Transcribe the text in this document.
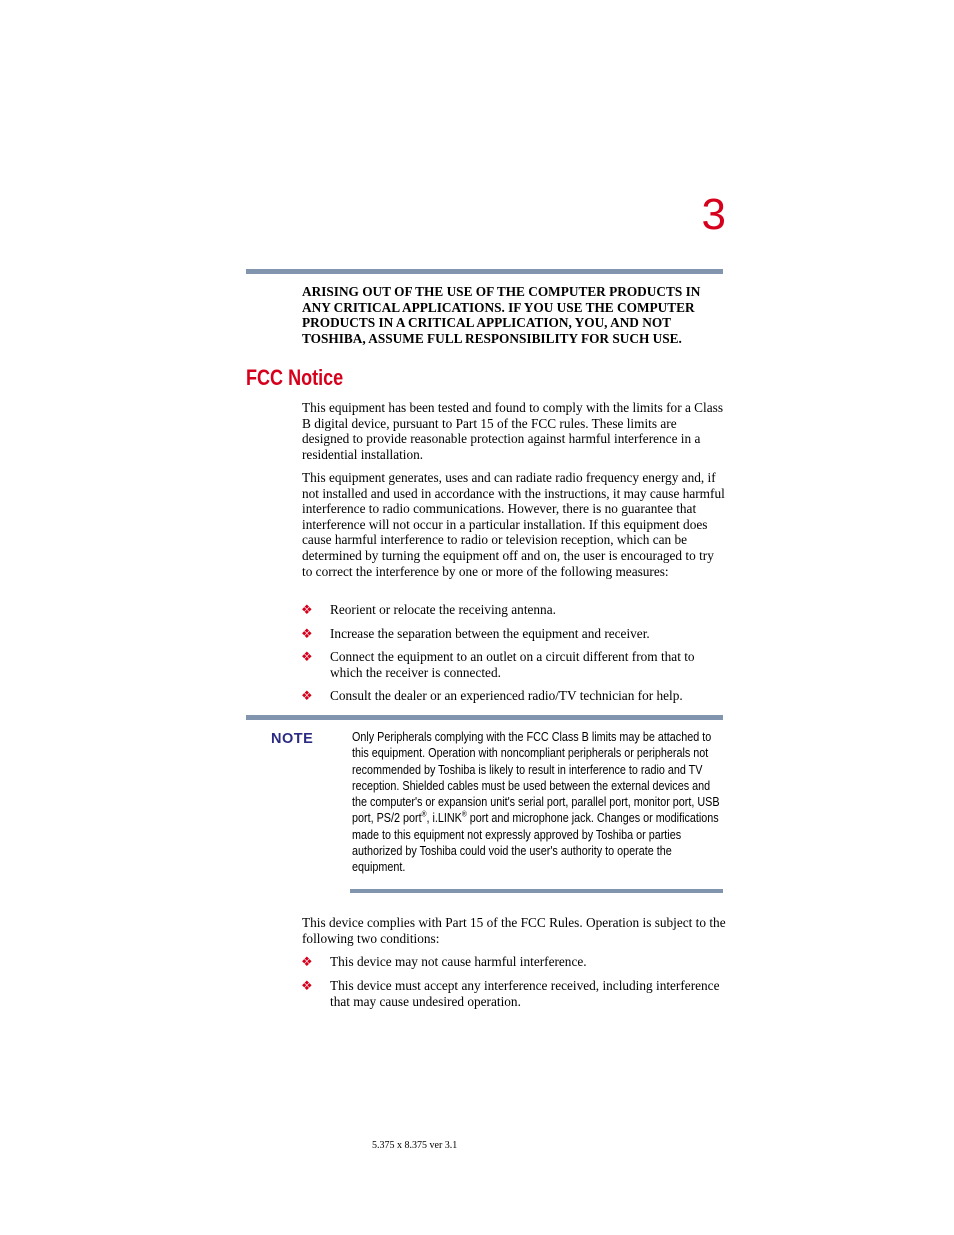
3
ARISING OUT OF THE USE OF THE COMPUTER PRODUCTS IN ANY CRITICAL APPLICATIONS. IF YOU USE THE COMPUTER PRODUCTS IN A CRITICAL APPLICATION, YOU, AND NOT TOSHIBA, ASSUME FULL RESPONSIBILITY FOR SUCH USE.
FCC Notice
This equipment has been tested and found to comply with the limits for a Class B digital device, pursuant to Part 15 of the FCC rules. These limits are designed to provide reasonable protection against harmful interference in a residential installation.
This equipment generates, uses and can radiate radio frequency energy and, if not installed and used in accordance with the instructions, it may cause harmful interference to radio communications. However, there is no guarantee that interference will not occur in a particular installation. If this equipment does cause harmful interference to radio or television reception, which can be determined by turning the equipment off and on, the user is encouraged to try to correct the interference by one or more of the following measures:
❖ Reorient or relocate the receiving antenna.
❖ Increase the separation between the equipment and receiver.
❖ Connect the equipment to an outlet on a circuit different from that to which the receiver is connected.
❖ Consult the dealer or an experienced radio/TV technician for help.
NOTE	Only Peripherals complying with the FCC Class B limits may be attached to this equipment. Operation with noncompliant peripherals or peripherals not recommended by Toshiba is likely to result in interference to radio and TV reception. Shielded cables must be used between the external devices and the computer's or expansion unit's serial port, parallel port, monitor port, USB port, PS/2 port®, i.LINK® port and microphone jack. Changes or modifications made to this equipment not expressly approved by Toshiba or parties authorized by Toshiba could void the user's authority to operate the equipment.
This device complies with Part 15 of the FCC Rules. Operation is subject to the following two conditions:
❖ This device may not cause harmful interference.
❖ This device must accept any interference received, including interference that may cause undesired operation.
5.375 x 8.375 ver 3.1
